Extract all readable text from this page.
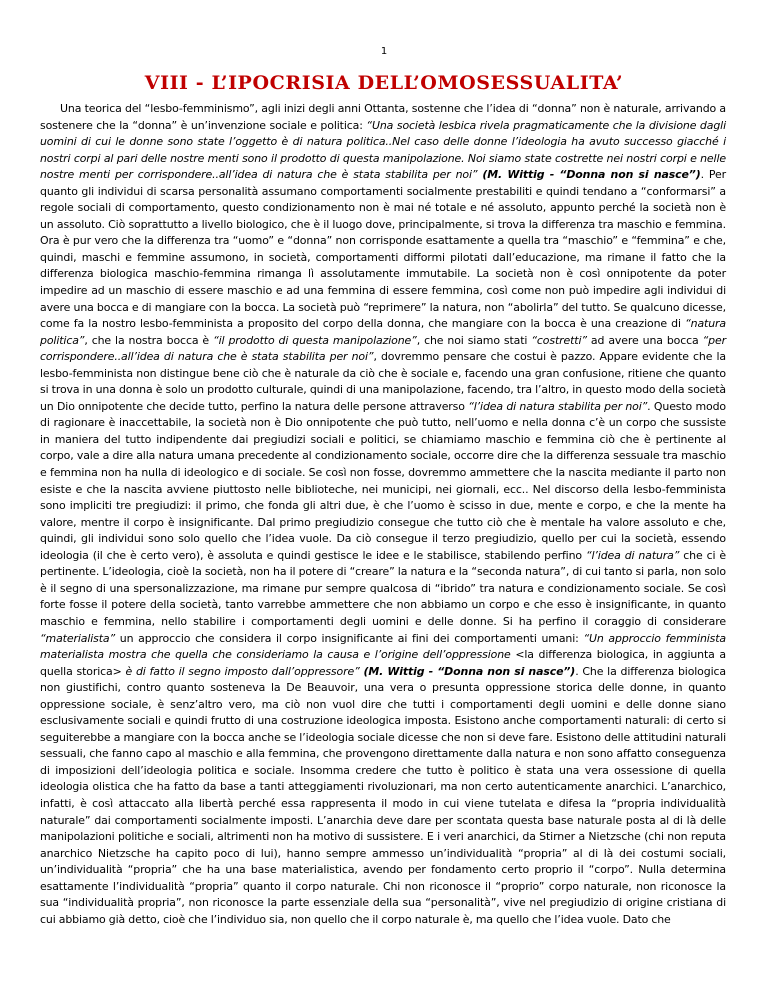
1
VIII - L’IPOCRISIA DELL’OMOSESSUALITA’

Una teorica del “lesbo-femminismo”, agli inizi degli anni Ottanta, sostenne che l’idea di “donna” non è naturale, arrivando a sostenere che la “donna” è un’invenzione sociale e politica: “Una società lesbica rivela pragmaticamente che la divisione dagli uomini di cui le donne sono state l’oggetto è di natura politica..Nel caso delle donne l’ideologia ha avuto successo giacché i nostri corpi al pari delle nostre menti sono il prodotto di questa manipolazione. Noi siamo state costrette nei nostri corpi e nelle nostre menti per corrispondere..all’idea di natura che è stata stabilita per noi” (M. Wittig - “Donna non si nasce”). Per quanto gli individui di scarsa personalità assumano comportamenti socialmente prestabiliti e quindi tendano a “conformarsi” a regole sociali di comportamento, questo condizionamento non è mai né totale e né assoluto, appunto perché la società non è un assoluto. Ciò soprattutto a livello biologico, che è il luogo dove, principalmente, si trova la differenza tra maschio e femmina. Ora è pur vero che la differenza tra “uomo” e “donna” non corrisponde esattamente a quella tra “maschio” e “femmina” e che, quindi, maschi e femmine assumono, in società, comportamenti difformi pilotati dall’educazione, ma rimane il fatto che la differenza biologica maschio-femmina rimanga lì assolutamente immutabile. La società non è così onnipotente da poter impedire ad un maschio di essere maschio e ad una femmina di essere femmina, così come non può impedire agli individui di avere una bocca e di mangiare con la bocca. La società può “reprimere” la natura, non “abolirla” del tutto. Se qualcuno dicesse, come fa la nostro lesbo-femminista a proposito del corpo della donna, che mangiare con la bocca è una creazione di “natura politica”, che la nostra bocca è “il prodotto di questa manipolazione”, che noi siamo stati “costretti” ad avere una bocca “per corrispondere..all’idea di natura che è stata stabilita per noi”, dovremmo pensare che costui è pazzo. Appare evidente che la lesbo-femminista non distingue bene ciò che è naturale da ciò che è sociale e, facendo una gran confusione, ritiene che quanto si trova in una donna è solo un prodotto culturale, quindi di una manipolazione, facendo, tra l’altro, in questo modo della società un Dio onnipotente che decide tutto, perfino la natura delle persone attraverso “l’idea di natura stabilita per noi”. Questo modo di ragionare è inaccettabile, la società non è Dio onnipotente che può tutto, nell’uomo e nella donna c’è un corpo che sussiste in maniera del tutto indipendente dai pregiudizi sociali e politici, se chiamiamo maschio e femmina ciò che è pertinente al corpo, vale a dire alla natura umana precedente al condizionamento sociale, occorre dire che la differenza sessuale tra maschio e femmina non ha nulla di ideologico e di sociale. Se così non fosse, dovremmo ammettere che la nascita mediante il parto non esiste e che la nascita avviene piuttosto nelle biblioteche, nei municipi, nei giornali, ecc.. Nel discorso della lesbo-femminista sono impliciti tre pregiudizi: il primo, che fonda gli altri due, è che l’uomo è scisso in due, mente e corpo, e che la mente ha valore, mentre il corpo è insignificante. Dal primo pregiudizio consegue che tutto ciò che è mentale ha valore assoluto e che, quindi, gli individui sono solo quello che l’idea vuole. Da ciò consegue il terzo pregiudizio, quello per cui la società, essendo ideologia (il che è certo vero), è assoluta e quindi gestisce le idee e le stabilisce, stabilendo perfino “l’idea di natura” che ci è pertinente. L’ideologia, cioè la società, non ha il potere di “creare” la natura e la “seconda natura”, di cui tanto si parla, non solo è il segno di una spersonalizzazione, ma rimane pur sempre qualcosa di “ibrido” tra natura e condizionamento sociale. Se così forte fosse il potere della società, tanto varrebbe ammettere che non abbiamo un corpo e che esso è insignificante, in quanto maschio e femmina, nello stabilire i comportamenti degli uomini e delle donne. Si ha perfino il coraggio di considerare “materialista” un approccio che considera il corpo insignificante ai fini dei comportamenti umani: “Un approccio femminista materialista mostra che quella che consideriamo la causa e l’origine dell’oppressione <la differenza biologica, in aggiunta a quella storica> è di fatto il segno imposto dall’oppressore” (M. Wittig - “Donna non si nasce”). Che la differenza biologica non giustifichi, contro quanto sosteneva la De Beauvoir, una vera o presunta oppressione storica delle donne, in quanto oppressione sociale, è senz’altro vero, ma ciò non vuol dire che tutti i comportamenti degli uomini e delle donne siano esclusivamente sociali e quindi frutto di una costruzione ideologica imposta. Esistono anche comportamenti naturali: di certo si seguiterebbe a mangiare con la bocca anche se l’ideologia sociale dicesse che non si deve fare. Esistono delle attitudini naturali sessuali, che fanno capo al maschio e alla femmina, che provengono direttamente dalla natura e non sono affatto conseguenza di imposizioni dell’ideologia politica e sociale. Insomma credere che tutto è politico è stata una vera ossessione di quella ideologia olistica che ha fatto da base a tanti atteggiamenti rivoluzionari, ma non certo autenticamente anarchici. L’anarchico, infatti, è così attaccato alla libertà perché essa rappresenta il modo in cui viene tutelata e difesa la “propria individualità naturale” dai comportamenti socialmente imposti. L’anarchia deve dare per scontata questa base naturale posta al di là delle manipolazioni politiche e sociali, altrimenti non ha motivo di sussistere. E i veri anarchici, da Stirner a Nietzsche (chi non reputa anarchico Nietzsche ha capito poco di lui), hanno sempre ammesso un’individualità “propria” al di là dei costumi sociali, un’individualità “propria” che ha una base materialistica, avendo per fondamento certo proprio il “corpo”. Nulla determina esattamente l’individualità “propria” quanto il corpo naturale. Chi non riconosce il “proprio” corpo naturale, non riconosce la sua “individualità propria”, non riconosce la parte essenziale della sua “personalità”, vive nel pregiudizio di origine cristiana di cui abbiamo già detto, cioè che l’individuo sia, non quello che il corpo naturale è, ma quello che l’idea vuole. Dato che
